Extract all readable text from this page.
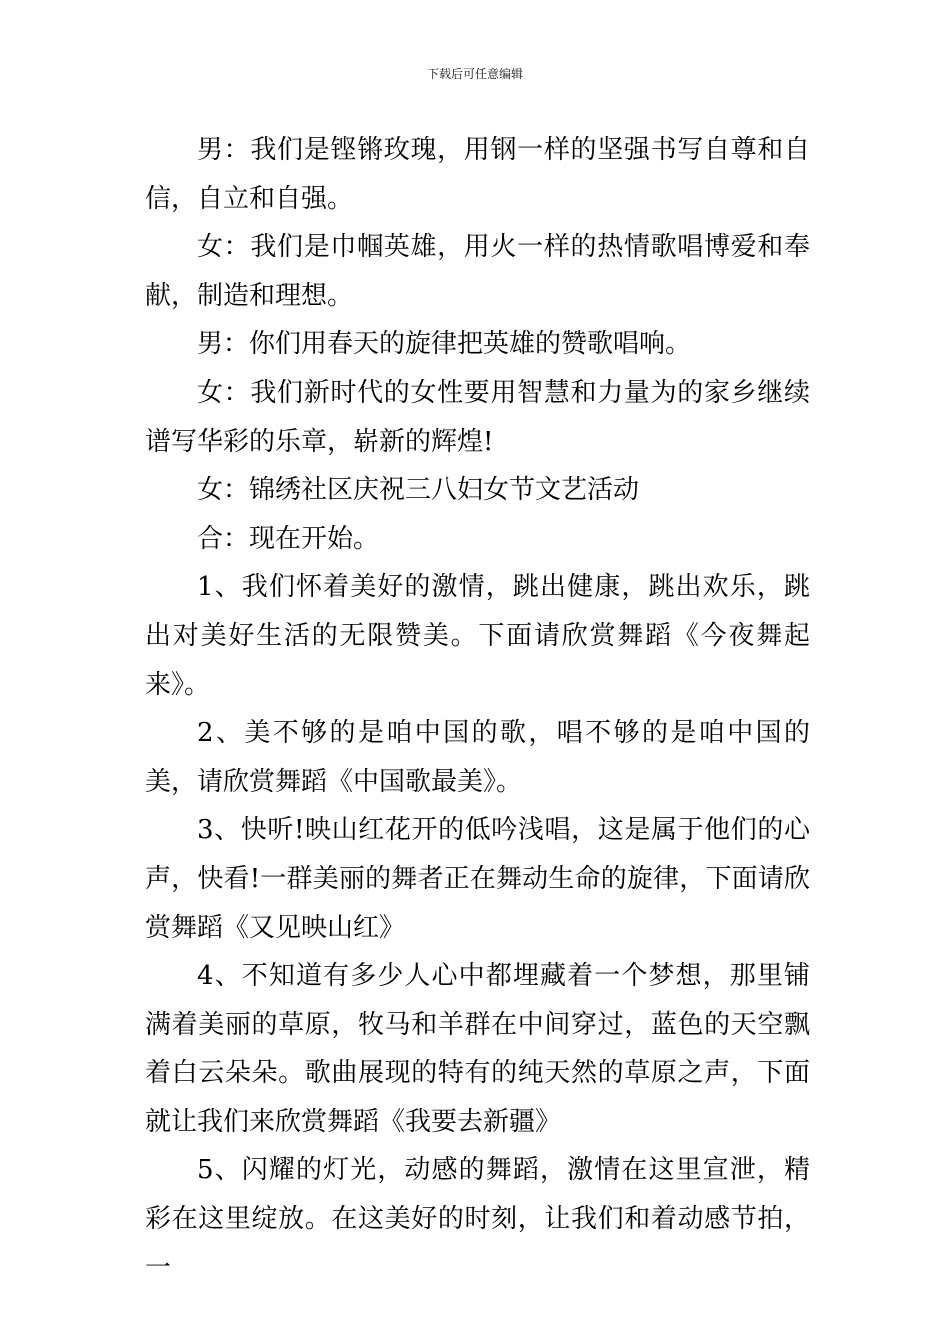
下载后可任意编辑

男：我们是铿锵玫瑰，用钢一样的坚强书写自尊和自信，自立和自强。

女：我们是巾帼英雄，用火一样的热情歌唱博爱和奉献，制造和理想。

男：你们用春天的旋律把英雄的赞歌唱响。

女：我们新时代的女性要用智慧和力量为的家乡继续谱写华彩的乐章，崭新的辉煌!

女：锦绣社区庆祝三八妇女节文艺活动

合：现在开始。

1、我们怀着美好的激情，跳出健康，跳出欢乐，跳出对美好生活的无限赞美。下面请欣赏舞蹈《今夜舞起来》。

2、美不够的是咱中国的歌，唱不够的是咱中国的美，请欣赏舞蹈《中国歌最美》。

3、快听!映山红花开的低吟浅唱，这是属于他们的心声，快看!一群美丽的舞者正在舞动生命的旋律，下面请欣赏舞蹈《又见映山红》

4、不知道有多少人心中都埋藏着一个梦想，那里铺满着美丽的草原，牧马和羊群在中间穿过，蓝色的天空飘着白云朵朵。歌曲展现的特有的纯天然的草原之声，下面就让我们来欣赏舞蹈《我要去新疆》

5、闪耀的灯光，动感的舞蹈，激情在这里宣泄，精彩在这里绽放。在这美好的时刻，让我们和着动感节拍，一
